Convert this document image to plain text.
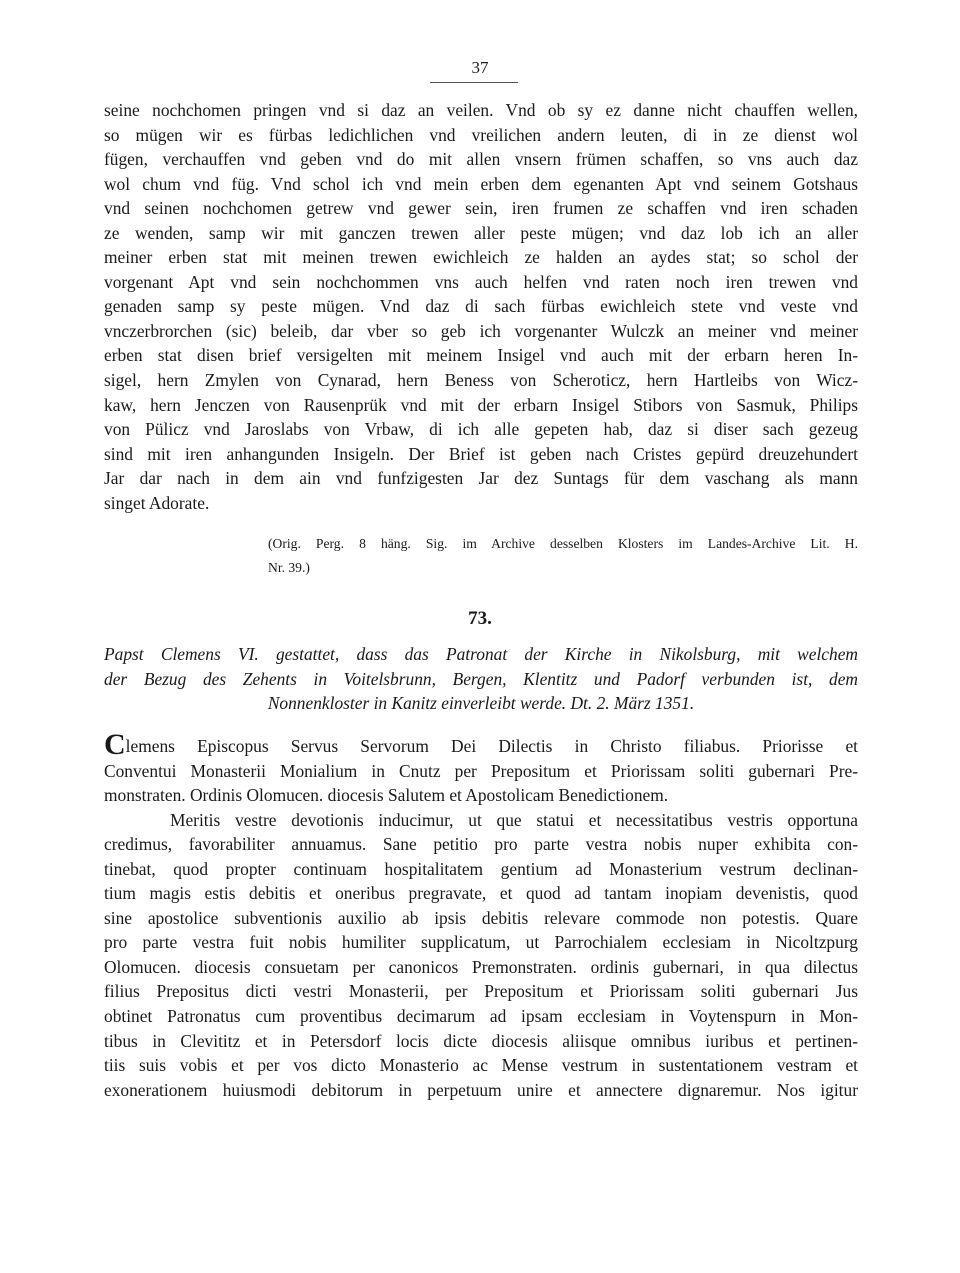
37
seine nochchomen pringen vnd si daz an veilen. Vnd ob sy ez danne nicht chauffen wellen,
so mügen wir es fürbas ledichlichen vnd vreilichen andern leuten, di in ze dienst wol
fügen, verchauffen vnd geben vnd do mit allen vnsern frümen schaffen, so vns auch daz
wol chum vnd füg. Vnd schol ich vnd mein erben dem egenanten Apt vnd seinem Gotshaus
vnd seinen nochchomen getrew vnd gewer sein, iren frumen ze schaffen vnd iren schaden
ze wenden, samp wir mit ganczen trewen aller peste mügen; vnd daz lob ich an aller
meiner erben stat mit meinen trewen ewichleich ze halden an aydes stat; so schol der
vorgenant Apt vnd sein nochchommen vns auch helfen vnd raten noch iren trewen vnd
genaden samp sy peste mügen. Vnd daz di sach fürbas ewichleich stete vnd veste vnd
vnczerbrorchen (sic) beleib, dar vber so geb ich vorgenanter Wulczk an meiner vnd meiner
erben stat disen brief versigelten mit meinem Insigel vnd auch mit der erbarn heren In-
sigel, hern Zmylen von Cynarad, hern Beness von Scheroticz, hern Hartleibs von Wicz-
kaw, hern Jenczen von Rausenprük vnd mit der erbarn Insigel Stibors von Sasmuk, Philips
von Pülicz vnd Jaroslabs von Vrbaw, di ich alle gepeten hab, daz si diser sach gezeug
sind mit iren anhangunden Insigeln. Der Brief ist geben nach Cristes gepürd dreuzehundert
Jar dar nach in dem ain vnd funfzigesten Jar dez Suntags für dem vaschang als mann
singet Adorate.
(Orig. Perg. 8 häng. Sig. im Archive desselben Klosters im Landes-Archive Lit. H.
Nr. 39.)
73.
Papst Clemens VI. gestattet, dass das Patronat der Kirche in Nikolsburg, mit welchem
der Bezug des Zehents in Voitelsbrunn, Bergen, Klentitz und Padorf verbunden ist, dem
Nonnenkloster in Kanitz einverleibt werde. Dt. 2. März 1351.
Clemens Episcopus Servus Servorum Dei Dilectis in Christo filiabus. Priorisse et
Conventui Monasterii Monialium in Cnutz per Prepositum et Priorissam soliti gubernari Pre-
monstraten. Ordinis Olomucen. diocesis Salutem et Apostolicam Benedictionem.
Meritis vestre devotionis inducimur, ut que statui et necessitatibus vestris opportuna
credimus, favorabiliter annuamus. Sane petitio pro parte vestra nobis nuper exhibita con-
tinebat, quod propter continuam hospitalitatem gentium ad Monasterium vestrum declinan-
tium magis estis debitis et oneribus pregravate, et quod ad tantam inopiam devenistis, quod
sine apostolice subventionis auxilio ab ipsis debitis relevare commode non potestis. Quare
pro parte vestra fuit nobis humiliter supplicatum, ut Parrochialem ecclesiam in Nicoltzpurg
Olomucen. diocesis consuetam per canonicos Premonstraten. ordinis gubernari, in qua dilectus
filius Prepositus dicti vestri Monasterii, per Prepositum et Priorissam soliti gubernari Jus
obtinet Patronatus cum proventibus decimarum ad ipsam ecclesiam in Voytenspurn in Mon-
tibus in Clevititz et in Petersdorf locis dicte diocesis aliisque omnibus iuribus et pertinen-
tiis suis vobis et per vos dicto Monasterio ac Mense vestrum in sustentationem vestram et
exonerationem huiusmodi debitorum in perpetuum unire et annectere dignaremur. Nos igitur
